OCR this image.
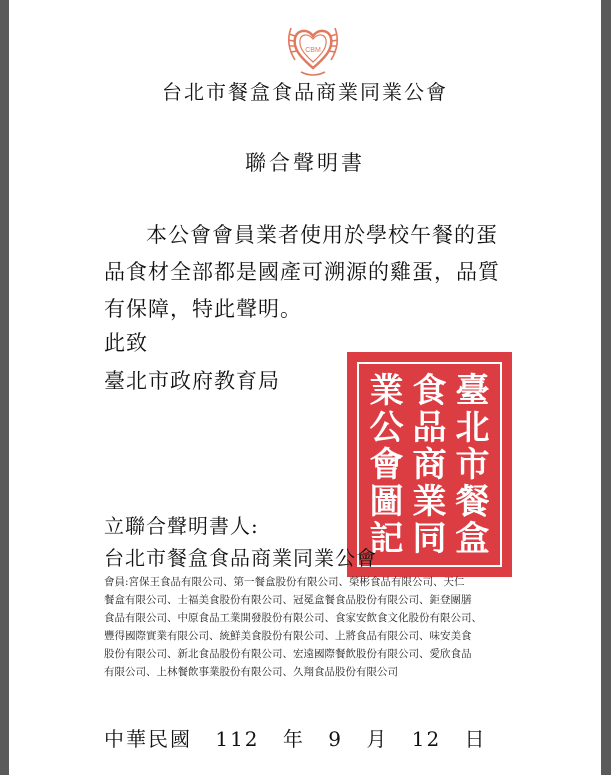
CBM
台北市餐盒食品商業同業公會
聯合聲明書
本公會會員業者使用於學校午餐的蛋
品食材全部都是國產可溯源的雞蛋，品質
有保障，特此聲明。
此致
臺北市政府教育局	臺
北
市
餐
盒
食
品
商
業
同
業
公
會
圖
記
立聯合聲明書人:
台北市餐盒食品商業同業公會
會員:宮保王食品有限公司、第一餐盒股份有限公司、榮彬食品有限公司、天仁
餐盒有限公司、士福美食股份有限公司、冠冕盒餐食品股份有限公司、鉅登團膳
食品有限公司、中原食品工業開發股份有限公司、食家安飲食文化股份有限公司、
豐得國際實業有限公司、統鮮美食股份有限公司、上將食品有限公司、味安美食
股份有限公司、新北食品股份有限公司、宏遠國際餐飲股份有限公司、愛欣食品
有限公司、上林餐飲事業股份有限公司、久翔食品股份有限公司
中華民國 112 年 9 月 12 日
